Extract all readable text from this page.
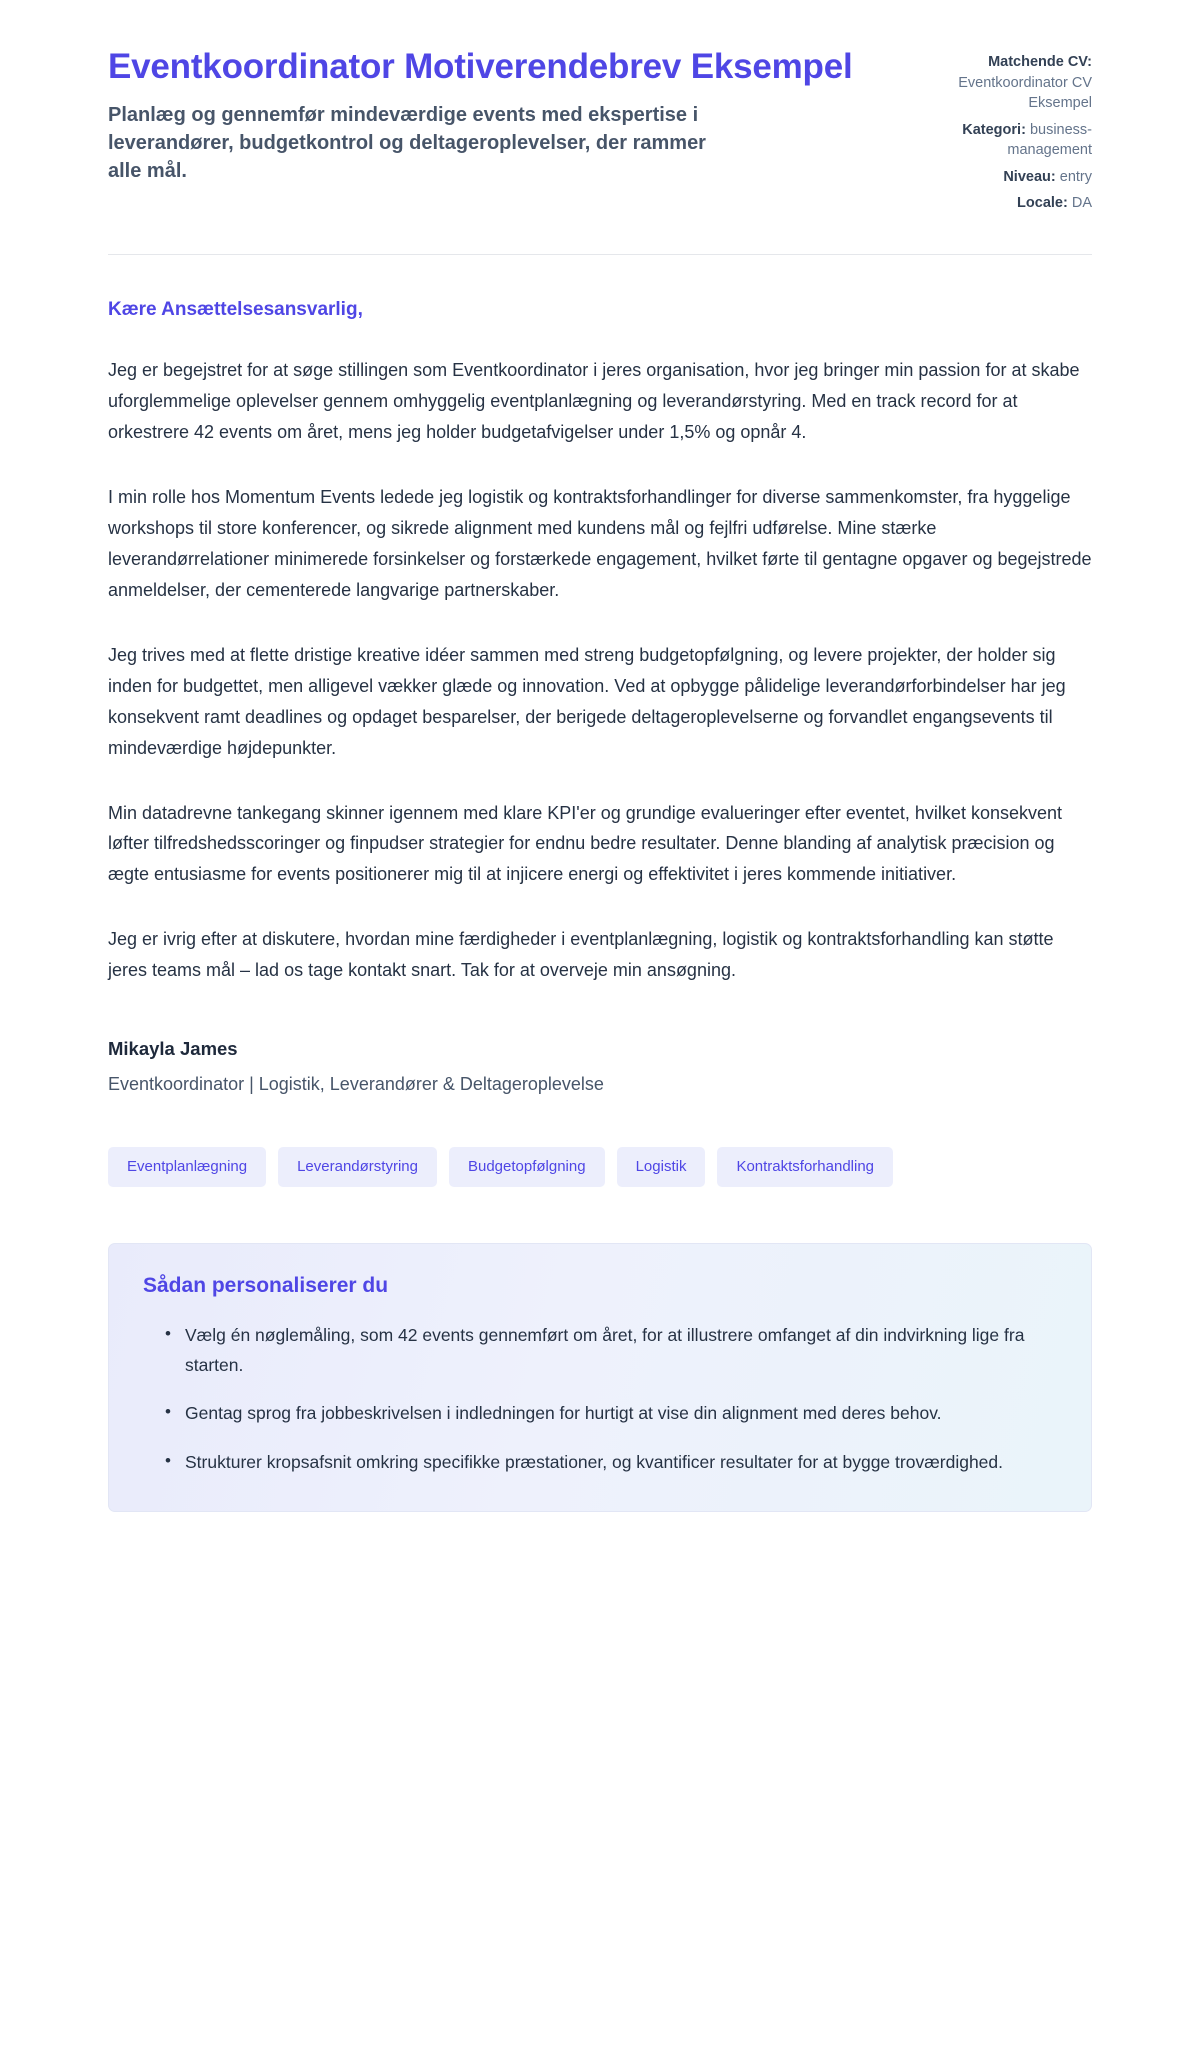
Eventkoordinator Motiverendebrev Eksempel

Planlæg og gennemfør mindeværdige events med ekspertise i leverandører, budgetkontrol og deltageroplevelser, der rammer alle mål.

Matchende CV: Eventkoordinator CV Eksempel
Kategori: business-management
Niveau: entry
Locale: DA

Kære Ansættelsesansvarlig,

Jeg er begejstret for at søge stillingen som Eventkoordinator i jeres organisation, hvor jeg bringer min passion for at skabe uforglemmelige oplevelser gennem omhyggelig eventplanlægning og leverandørstyring. Med en track record for at orkestrere 42 events om året, mens jeg holder budgetafvigelser under 1,5% og opnår 4.

I min rolle hos Momentum Events ledede jeg logistik og kontraktsforhandlinger for diverse sammenkomster, fra hyggelige workshops til store konferencer, og sikrede alignment med kundens mål og fejlfri udførelse. Mine stærke leverandørrelationer minimerede forsinkelser og forstærkede engagement, hvilket førte til gentagne opgaver og begejstrede anmeldelser, der cementerede langvarige partnerskaber.

Jeg trives med at flette dristige kreative idéer sammen med streng budgetopfølgning, og levere projekter, der holder sig inden for budgettet, men alligevel vækker glæde og innovation. Ved at opbygge pålidelige leverandørforbindelser har jeg konsekvent ramt deadlines og opdaget besparelser, der berigede deltageroplevelserne og forvandlet engangsevents til mindeværdige højdepunkter.

Min datadrevne tankegang skinner igennem med klare KPI'er og grundige evalueringer efter eventet, hvilket konsekvent løfter tilfredshedsscoringer og finpudser strategier for endnu bedre resultater. Denne blanding af analytisk præcision og ægte entusiasme for events positionerer mig til at injicere energi og effektivitet i jeres kommende initiativer.

Jeg er ivrig efter at diskutere, hvordan mine færdigheder i eventplanlægning, logistik og kontraktsforhandling kan støtte jeres teams mål – lad os tage kontakt snart. Tak for at overveje min ansøgning.

Mikayla James

Eventkoordinator | Logistik, Leverandører & Deltageroplevelse

Eventplanlægning	Leverandørstyring	Budgetopfølgning	Logistik	Kontraktsforhandling
Sådan personaliserer du
• Vælg én nøglemåling, som 42 events gennemført om året, for at illustrere omfanget af din indvirkning lige fra starten.
• Gentag sprog fra jobbeskrivelsen i indledningen for hurtigt at vise din alignment med deres behov.
• Strukturer kropsafsnit omkring specifikke præstationer, og kvantificer resultater for at bygge troværdighed.
